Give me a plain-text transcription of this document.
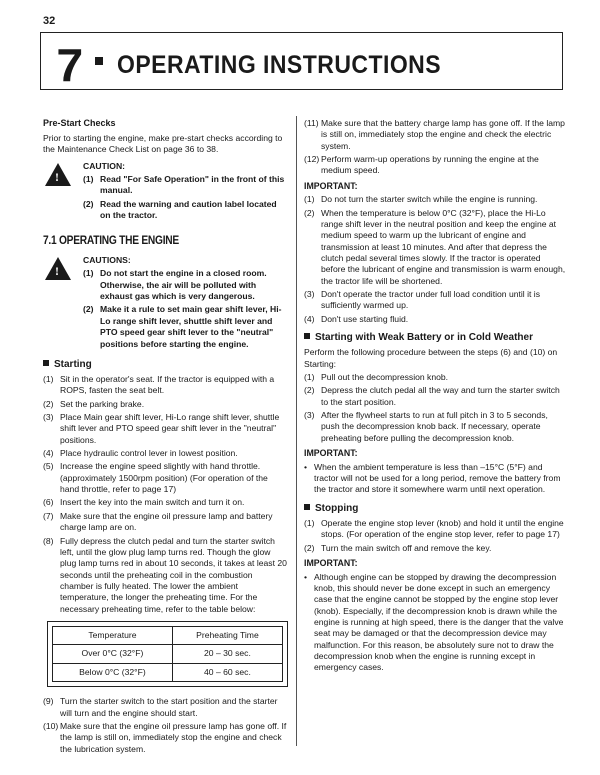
32
7 OPERATING INSTRUCTIONS
Pre-Start Checks

Prior to starting the engine, make pre-start checks according to the Maintenance Check List on page 36 to 38.

!
CAUTION:
(1) Read "For Safe Operation" in the front of this manual.
(2) Read the warning and caution label located on the tractor.
7.1 OPERATING THE ENGINE
!
CAUTIONS:
(1) Do not start the engine in a closed room. Otherwise, the air will be polluted with exhaust gas which is very dangerous.
(2) Make it a rule to set main gear shift lever, Hi-Lo range shift lever, shuttle shift lever and PTO speed gear shift lever to the "neutral" positions before starting the engine.
Starting
(1) Sit in the operator's seat. If the tractor is equipped with a ROPS, fasten the seat belt.
(2) Set the parking brake.
(3) Place Main gear shift lever, Hi-Lo range shift lever, shuttle shift lever and PTO speed gear shift lever in the "neutral" positions.
(4) Place hydraulic control lever in lowest position.
(5) Increase the engine speed slightly with hand throttle. (approximately 1500rpm position) (For operation of the hand throttle, refer to page 17)
(6) Insert the key into the main switch and turn it on.
(7) Make sure that the engine oil pressure lamp and battery charge lamp are on.
(8) Fully depress the clutch pedal and turn the starter switch left, until the glow plug lamp turns red. Though the glow plug lamp turns red in about 10 seconds, it takes at least 20 seconds until the preheating coil in the combustion chamber is fully heated. The lower the ambient temperature, the longer the preheating time. For the necessary preheating time, refer to the table below:
Temperature	Preheating Time
Over 0°C (32°F)	20 – 30 sec.
Below 0°C (32°F)	40 – 60 sec.
(9) Turn the starter switch to the start position and the starter will turn and the engine should start.
(10) Make sure that the engine oil pressure lamp has gone off. If the lamp is still on, immediately stop the engine and check the lubrication system.
(11) Make sure that the battery charge lamp has gone off. If the lamp is still on, immediately stop the engine and check the electric system.
(12) Perform warm-up operations by running the engine at the medium speed.
IMPORTANT:
(1) Do not turn the starter switch while the engine is running.
(2) When the temperature is below 0°C (32°F), place the Hi-Lo range shift lever in the neutral position and keep the engine at medium speed to warm up the lubricant of engine and transmission at least 10 minutes. And after that depress the clutch pedal several times slowly. If the tractor is operated before the lubricant of engine and transmission is warm enough, the tractor life will be shortened.
(3) Don't operate the tractor under full load condition until it is sufficiently warmed up.
(4) Don't use starting fluid.
Starting with Weak Battery or in Cold Weather

Perform the following procedure between the steps (6) and (10) on Starting:

(1) Pull out the decompression knob.
(2) Depress the clutch pedal all the way and turn the starter switch to the start position.
(3) After the flywheel starts to run at full pitch in 3 to 5 seconds, push the decompression knob back. If necessary, operate preheating before pulling the decompression knob.
IMPORTANT:
• When the ambient temperature is less than –15°C (5°F) and tractor will not be used for a long period, remove the battery from the tractor and store it somewhere warm until next operation.
Stopping
(1) Operate the engine stop lever (knob) and hold it until the engine stops. (For operation of the engine stop lever, refer to page 17)
(2) Turn the main switch off and remove the key.
IMPORTANT:
• Although engine can be stopped by drawing the decompression knob, this should never be done except in such an emergency case that the engine cannot be stopped by the engine stop lever (knob). Especially, if the decompression knob is drawn while the engine is running at high speed, there is the danger that the valve seat may be damaged or that the decompression device may malfunction. For this reason, be absolutely sure not to draw the decompression knob when the engine is running except in emergency cases.
